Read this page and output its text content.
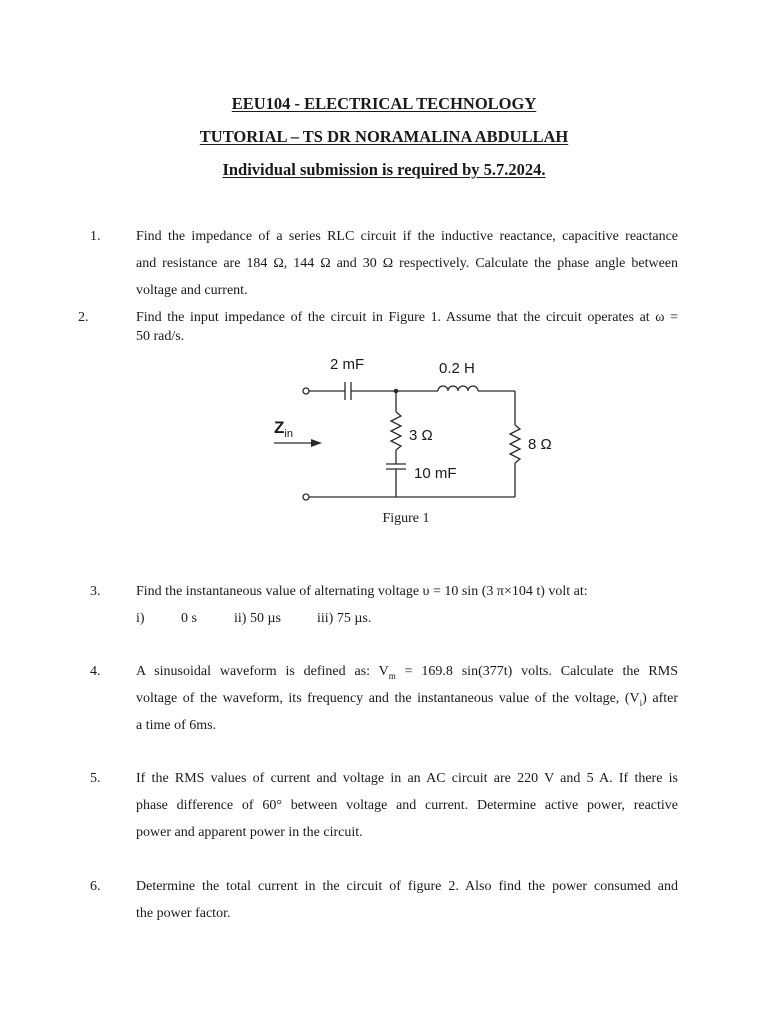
EEU104 - ELECTRICAL TECHNOLOGY
TUTORIAL – TS DR NORAMALINA ABDULLAH
Individual submission is required by 5.7.2024.
1.	Find the impedance of a series RLC circuit if the inductive reactance, capacitive reactance
and resistance are 184 Ω, 144 Ω and 30 Ω respectively. Calculate the phase angle between
voltage and current.
2.	Find the input impedance of the circuit in Figure 1. Assume that the circuit operates at ω =
50 rad/s.
2 mF	0.2 H
3 Ω
10 mF
8 Ω
$Z_{in}$
Figure 1
3.	Find the instantaneous value of alternating voltage υ = 10 sin (3 π×104 t) volt at:
i)	0 s	ii) 50 µs	iii) 75 µs.
4.	A sinusoidal waveform is defined as: $V_m = 169.8$ sin(377t) volts. Calculate the RMS
voltage of the waveform, its frequency and the instantaneous value of the voltage, $(V_i)$ after
a time of 6ms.
5.	If the RMS values of current and voltage in an AC circuit are 220 V and 5 A. If there is
phase difference of 60° between voltage and current. Determine active power, reactive
power and apparent power in the circuit.
6.	Determine the total current in the circuit of figure 2. Also find the power consumed and
the power factor.
